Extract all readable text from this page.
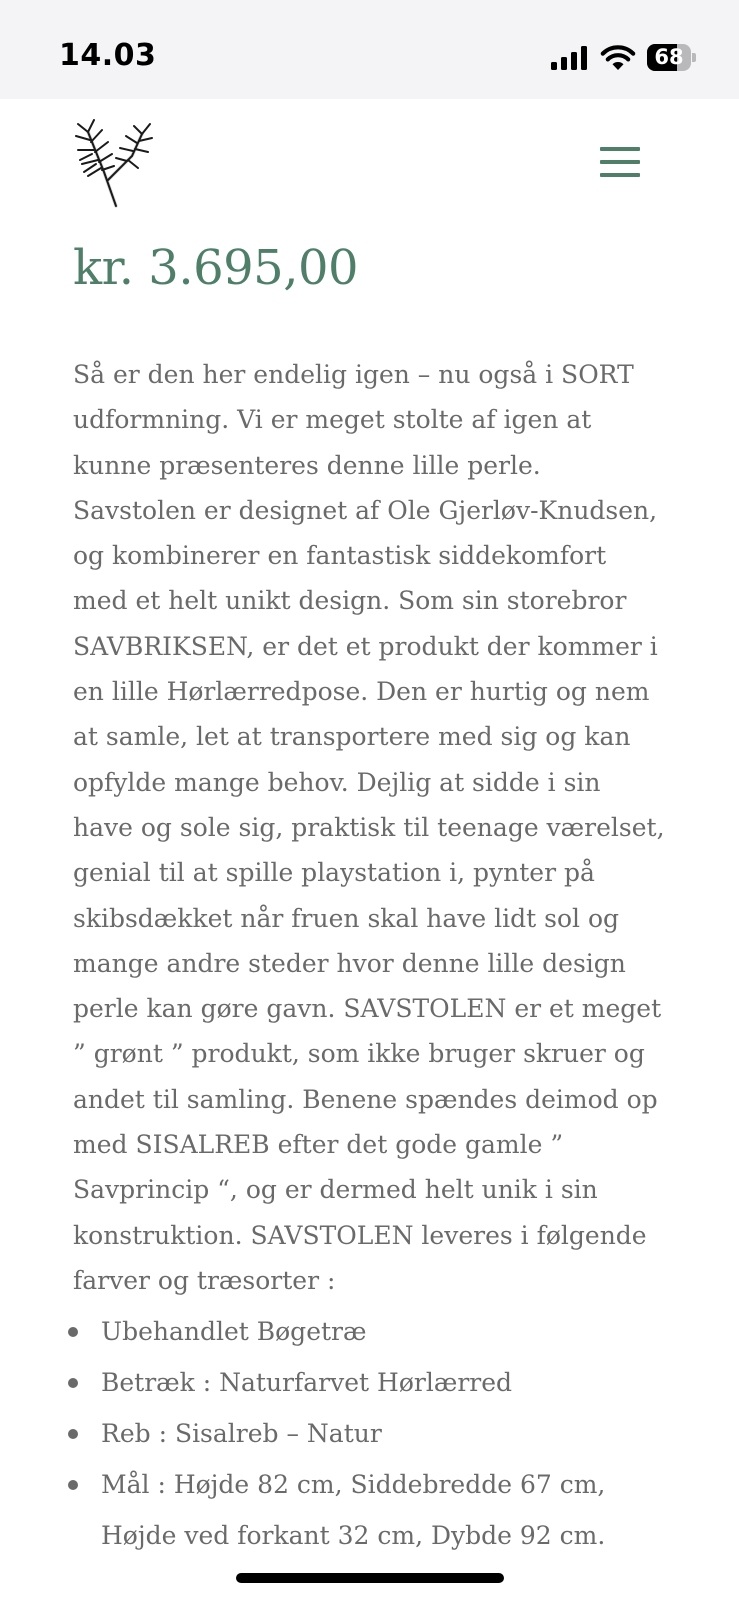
14.03	68
kr. 3.695,00

Så er den her endelig igen – nu også i SORT
udformning. Vi er meget stolte af igen at
kunne præsenteres denne lille perle.
Savstolen er designet af Ole Gjerløv-Knudsen,
og kombinerer en fantastisk siddekomfort
med et helt unikt design. Som sin storebror
SAVBRIKSEN, er det et produkt der kommer i
en lille Hørlærredpose. Den er hurtig og nem
at samle, let at transportere med sig og kan
opfylde mange behov. Dejlig at sidde i sin
have og sole sig, praktisk til teenage værelset,
genial til at spille playstation i, pynter på
skibsdækket når fruen skal have lidt sol og
mange andre steder hvor denne lille design
perle kan gøre gavn. SAVSTOLEN er et meget
” grønt ” produkt, som ikke bruger skruer og
andet til samling. Benene spændes deimod op
med SISALREB efter det gode gamle ”
Savprincip “, og er dermed helt unik i sin
konstruktion. SAVSTOLEN leveres i følgende
farver og træsorter :

Ubehandlet Bøgetræ
Betræk : Naturfarvet Hørlærred
Reb : Sisalreb – Natur
Mål : Højde 82 cm, Siddebredde 67 cm,
Højde ved forkant 32 cm, Dybde 92 cm.
